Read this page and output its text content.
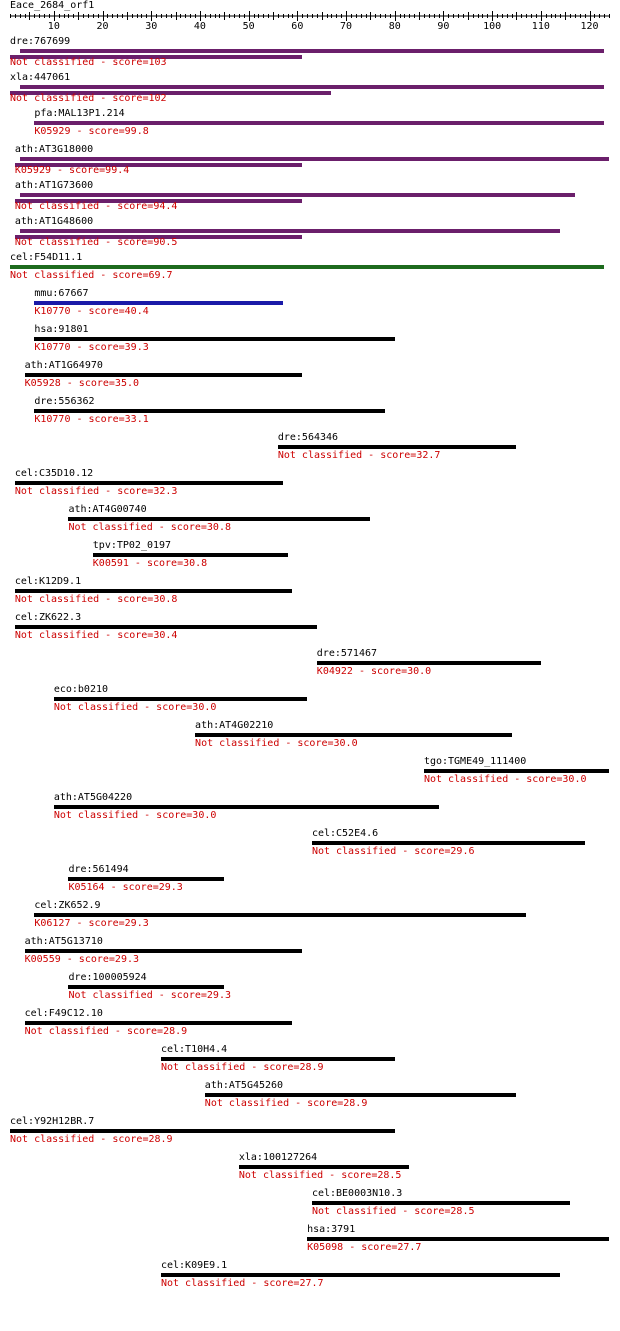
Eace_2684_orf1
10	20	30	40	50	60	70	80	90	100	110	120
dre:767699
Not classified - score=103
xla:447061
Not classified - score=102
pfa:MAL13P1.214
K05929 - score=99.8
ath:AT3G18000
K05929 - score=99.4
ath:AT1G73600
Not classified - score=94.4
ath:AT1G48600
Not classified - score=90.5
cel:F54D11.1
Not classified - score=69.7
mmu:67667
K10770 - score=40.4
hsa:91801
K10770 - score=39.3
ath:AT1G64970
K05928 - score=35.0
dre:556362
K10770 - score=33.1
dre:564346
Not classified - score=32.7
cel:C35D10.12
Not classified - score=32.3
ath:AT4G00740
Not classified - score=30.8
tpv:TP02_0197
K00591 - score=30.8
cel:K12D9.1
Not classified - score=30.8
cel:ZK622.3
Not classified - score=30.4
dre:571467
K04922 - score=30.0
eco:b0210
Not classified - score=30.0
ath:AT4G02210
Not classified - score=30.0
tgo:TGME49_111400
Not classified - score=30.0
ath:AT5G04220
Not classified - score=30.0
cel:C52E4.6
Not classified - score=29.6
dre:561494
K05164 - score=29.3
cel:ZK652.9
K06127 - score=29.3
ath:AT5G13710
K00559 - score=29.3
dre:100005924
Not classified - score=29.3
cel:F49C12.10
Not classified - score=28.9
cel:T10H4.4
Not classified - score=28.9
ath:AT5G45260
Not classified - score=28.9
cel:Y92H12BR.7
Not classified - score=28.9
xla:100127264
Not classified - score=28.5
cel:BE0003N10.3
Not classified - score=28.5
hsa:3791
K05098 - score=27.7
cel:K09E9.1
Not classified - score=27.7
